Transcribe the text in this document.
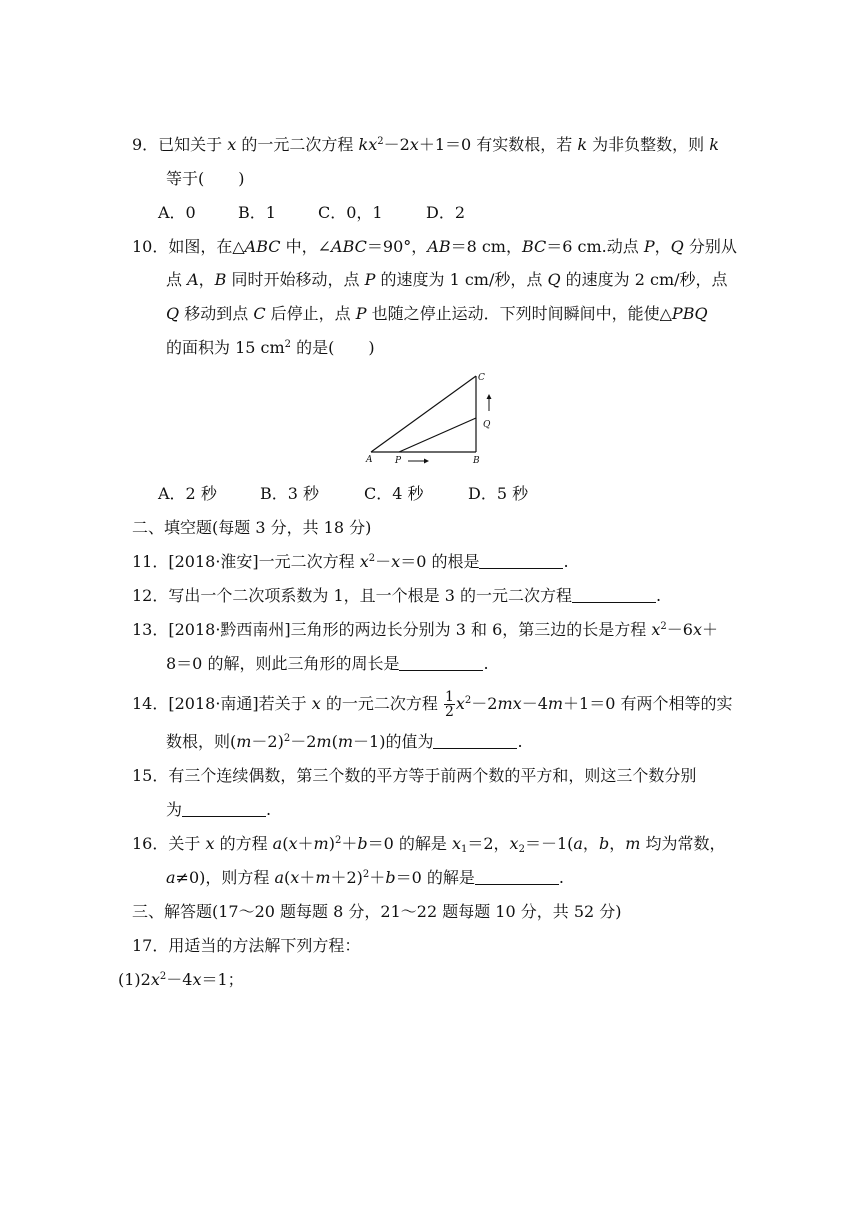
9．已知关于 x 的一元二次方程 $kx^2-2x+1=0$ 有实数根，若 k 为非负整数，则 k
等于( )
A．0	B．1	C．0，1	D．2
10．如图，在△ABC 中，∠ABC＝90°，AB＝8 cm，BC＝6 cm.动点 P，Q 分别从
点 A，B 同时开始移动，点 P 的速度为 1 cm/秒，点 Q 的速度为 2 cm/秒，点
Q 移动到点 C 后停止，点 P 也随之停止运动．下列时间瞬间中，能使△PBQ
的面积为 15 $cm^2$ 的是( )
A	B
C
P
Q
A．2 秒	B．3 秒	C．4 秒	D．5 秒
二、填空题(每题 3 分，共 18 分)
11．[2018·淮安]一元二次方程 $x^2-x=0$ 的根是	.
12．写出一个二次项系数为 1，且一个根是 3 的一元二次方程	.
13．[2018·黔西南州]三角形的两边长分别为 3 和 6，第三边的长是方程 $x^2-6x+$
8＝0 的解，则此三角形的周长是	.
14．[2018·南通]若关于 x 的一元二次方程 $\frac{1}{2} x^2-2mx-4m+1=0$ 有两个相等的实
数根，则$(m-2)^2-2m(m-1)$的值为	.
15．有三个连续偶数，第三个数的平方等于前两个数的平方和，则这三个数分别
为	.
16．关于 x 的方程 $a(x+m)^2+b=0$ 的解是 $x_1=2$，$x_2=-1(a$，b，m 均为常数，
a≠0)，则方程 $a(x+m+2)^2+b=0$ 的解是	.
三、解答题(17～20 题每题 8 分，21～22 题每题 10 分，共 52 分)
17．用适当的方法解下列方程：
$(1)2x^2-4x=1$；
